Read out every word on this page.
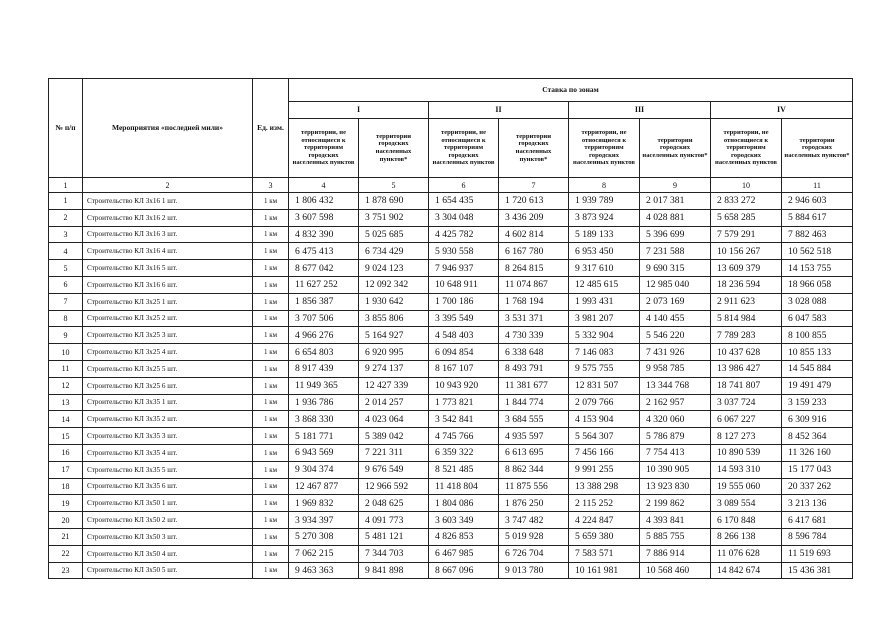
№ п/п	Мероприятия «последней мили»	Ед. изм.	Ставка по зонам							
			I		II		III		IV	
			территории, не относящиеся к территориям городских населенных пунктов	территории городских населенных пунктов*	территории, не относящиеся к территориям городских населенных пунктов	территории городских населенных пунктов*	территории, не относящиеся к территориям городских населенных пунктов	территории городских населенных пунктов*	территории, не относящиеся к территориям городских населенных пунктов	территории городских населенных пунктов*
1	2	3	4	5	6	7	8	9	10	11
1	Строительство КЛ 3x16 1 шт.	1 км	1 806 432	1 878 690	1 654 435	1 720 613	1 939 789	2 017 381	2 833 272	2 946 603
2	Строительство КЛ 3x16 2 шт.	1 км	3 607 598	3 751 902	3 304 048	3 436 209	3 873 924	4 028 881	5 658 285	5 884 617
3	Строительство КЛ 3x16 3 шт.	1 км	4 832 390	5 025 685	4 425 782	4 602 814	5 189 133	5 396 699	7 579 291	7 882 463
4	Строительство КЛ 3x16 4 шт.	1 км	6 475 413	6 734 429	5 930 558	6 167 780	6 953 450	7 231 588	10 156 267	10 562 518
5	Строительство КЛ 3x16 5 шт.	1 км	8 677 042	9 024 123	7 946 937	8 264 815	9 317 610	9 690 315	13 609 379	14 153 755
6	Строительство КЛ 3x16 6 шт.	1 км	11 627 252	12 092 342	10 648 911	11 074 867	12 485 615	12 985 040	18 236 594	18 966 058
7	Строительство КЛ 3x25 1 шт.	1 км	1 856 387	1 930 642	1 700 186	1 768 194	1 993 431	2 073 169	2 911 623	3 028 088
8	Строительство КЛ 3x25 2 шт.	1 км	3 707 506	3 855 806	3 395 549	3 531 371	3 981 207	4 140 455	5 814 984	6 047 583
9	Строительство КЛ 3x25 3 шт.	1 км	4 966 276	5 164 927	4 548 403	4 730 339	5 332 904	5 546 220	7 789 283	8 100 855
10	Строительство КЛ 3x25 4 шт.	1 км	6 654 803	6 920 995	6 094 854	6 338 648	7 146 083	7 431 926	10 437 628	10 855 133
11	Строительство КЛ 3x25 5 шт.	1 км	8 917 439	9 274 137	8 167 107	8 493 791	9 575 755	9 958 785	13 986 427	14 545 884
12	Строительство КЛ 3x25 6 шт.	1 км	11 949 365	12 427 339	10 943 920	11 381 677	12 831 507	13 344 768	18 741 807	19 491 479
13	Строительство КЛ 3x35 1 шт.	1 км	1 936 786	2 014 257	1 773 821	1 844 774	2 079 766	2 162 957	3 037 724	3 159 233
14	Строительство КЛ 3x35 2 шт.	1 км	3 868 330	4 023 064	3 542 841	3 684 555	4 153 904	4 320 060	6 067 227	6 309 916
15	Строительство КЛ 3x35 3 шт.	1 км	5 181 771	5 389 042	4 745 766	4 935 597	5 564 307	5 786 879	8 127 273	8 452 364
16	Строительство КЛ 3x35 4 шт.	1 км	6 943 569	7 221 311	6 359 322	6 613 695	7 456 166	7 754 413	10 890 539	11 326 160
17	Строительство КЛ 3x35 5 шт.	1 км	9 304 374	9 676 549	8 521 485	8 862 344	9 991 255	10 390 905	14 593 310	15 177 043
18	Строительство КЛ 3x35 6 шт.	1 км	12 467 877	12 966 592	11 418 804	11 875 556	13 388 298	13 923 830	19 555 060	20 337 262
19	Строительство КЛ 3x50 1 шт.	1 км	1 969 832	2 048 625	1 804 086	1 876 250	2 115 252	2 199 862	3 089 554	3 213 136
20	Строительство КЛ 3x50 2 шт.	1 км	3 934 397	4 091 773	3 603 349	3 747 482	4 224 847	4 393 841	6 170 848	6 417 681
21	Строительство КЛ 3x50 3 шт.	1 км	5 270 308	5 481 121	4 826 853	5 019 928	5 659 380	5 885 755	8 266 138	8 596 784
22	Строительство КЛ 3x50 4 шт.	1 км	7 062 215	7 344 703	6 467 985	6 726 704	7 583 571	7 886 914	11 076 628	11 519 693
23	Строительство КЛ 3x50 5 шт.	1 км	9 463 363	9 841 898	8 667 096	9 013 780	10 161 981	10 568 460	14 842 674	15 436 381
